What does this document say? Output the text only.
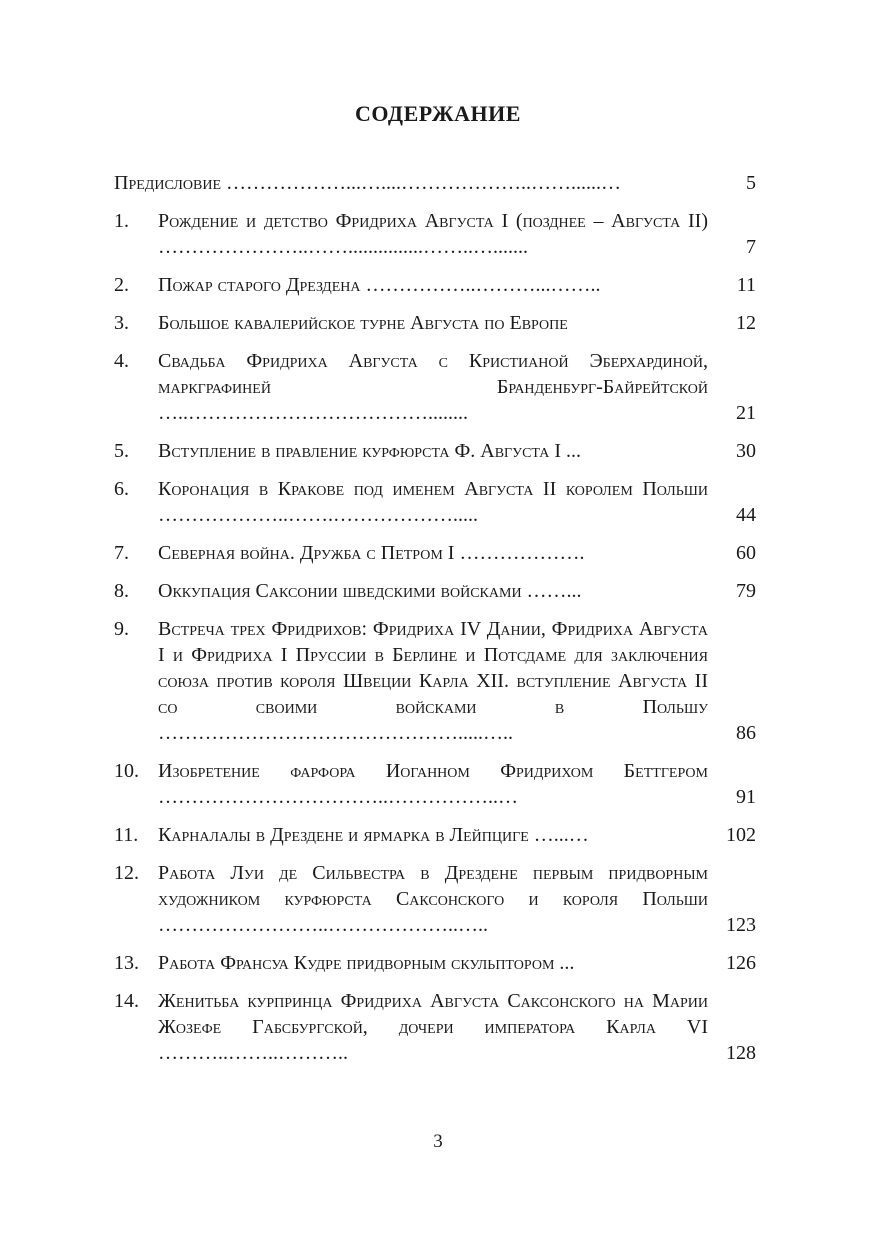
СОДЕРЖАНИЕ
Предисловие ………………...…....………………..……......…	5
1.	Рождение и детство Фридриха Августа I (позднее – Августа II) …………………..……...............……..….......	7
2.	Пожар старого Дрездена ……………..………...……..	11
3.	Большое кавалерийское турне Августа по Европе	12
4.	Свадьба Фридриха Августа с Кристианой Эберхардиной, маркграфиней Бранденбург-Байрейтской …..………………………………........	21
5.	Вступление в правление курфюрста Ф. Августа I ...	30
6.	Коронация в Кракове под именем Августа II королем Польши ………………..…….……………….....	44
7.	Северная война. Дружба с Петром I ……………….	60
8.	Оккупация Саксонии шведскими войсками ……...	79
9.	Встреча трех Фридрихов: Фридриха IV Дании, Фридриха Августа I и Фридриха I Пруссии в Берлине и Потсдаме для заключения союза против короля Швеции Карла XII. вступление Августа II со своими войсками в Польшу ……………………………………….....…..	86
10. Изобретение фарфора Иоганном Фридрихом Беттгером ……………………………..……………..…	91
11. Карналалы в Дрездене и ярмарка в Лейпциге …...…	102
12. Работа Луи де Сильвестра в Дрездене первым придворным художником курфюрста Саксонского и короля Польши ……………………..………………..…..	123
13. Работа Франсуа Кудре придворным скульптором ...	126
14. Женитьба курпринца Фридриха Августа Саксонского на Марии Жозефе Габсбургской, дочери императора Карла VI ………..……..………..	128
3
